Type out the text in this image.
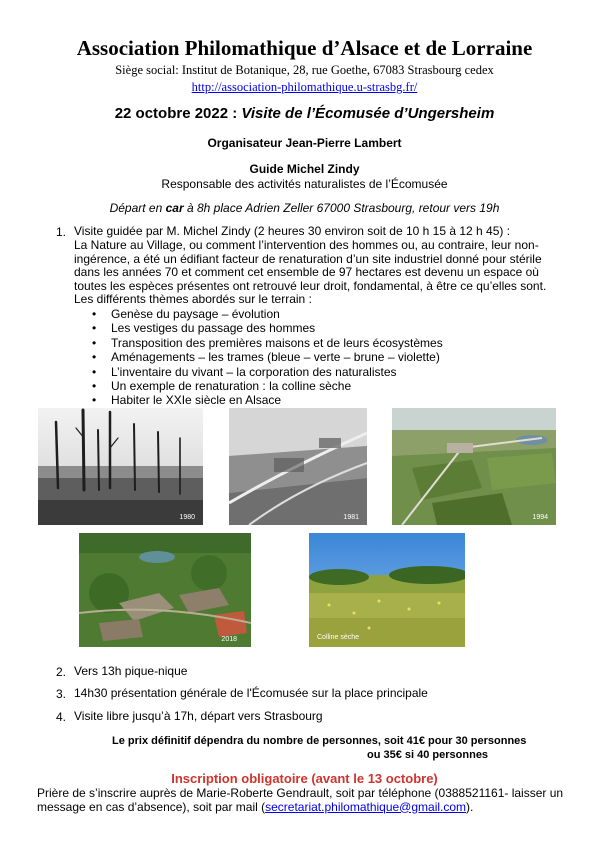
Association Philomathique d’Alsace et de Lorraine
Siège social: Institut de Botanique, 28, rue Goethe, 67083 Strasbourg cedex
http://association-philomathique.u-strasbg.fr/
22 octobre 2022 : Visite de l’Écomusée d’Ungersheim
Organisateur Jean-Pierre Lambert
Guide Michel Zindy
Responsable des activités naturalistes de l’Écomusée
Départ en car à 8h place Adrien Zeller 67000 Strasbourg, retour vers 19h
1. Visite guidée par M. Michel Zindy (2 heures 30 environ soit de 10 h 15 à 12 h 45) :
La Nature au Village, ou comment l’intervention des hommes ou, au contraire, leur non-ingérence, a été un édifiant facteur de renaturation d’un site industriel donné pour stérile dans les années 70 et comment cet ensemble de 97 hectares est devenu un espace où toutes les espèces présentes ont retrouvé leur droit, fondamental, à être ce qu’elles sont.
Les différents thèmes abordés sur le terrain :
• Genèse du paysage – évolution
• Les vestiges du passage des hommes
• Transposition des premières maisons et de leurs écosystèmes
• Aménagements – les trames (bleue – verte – brune – violette)
• L’inventaire du vivant – la corporation des naturalistes
• Un exemple de renaturation : la colline sèche
• Habiter le XXIe siècle en Alsace
1980	1981	1994
2018	Colline sèche
2. Vers 13h pique-nique
3. 14h30 présentation générale de l'Écomusée sur la place principale
4. Visite libre jusqu’à 17h, départ vers Strasbourg
Le prix définitif dépendra du nombre de personnes, soit 41€ pour 30 personnes
ou 35€ si 40 personnes
Inscription obligatoire (avant le 13 octobre)
Prière de s’inscrire auprès de Marie-Roberte Gendrault, soit par téléphone (0388521161- laisser un message en cas d’absence), soit par mail (secretariat.philomathique@gmail.com).
